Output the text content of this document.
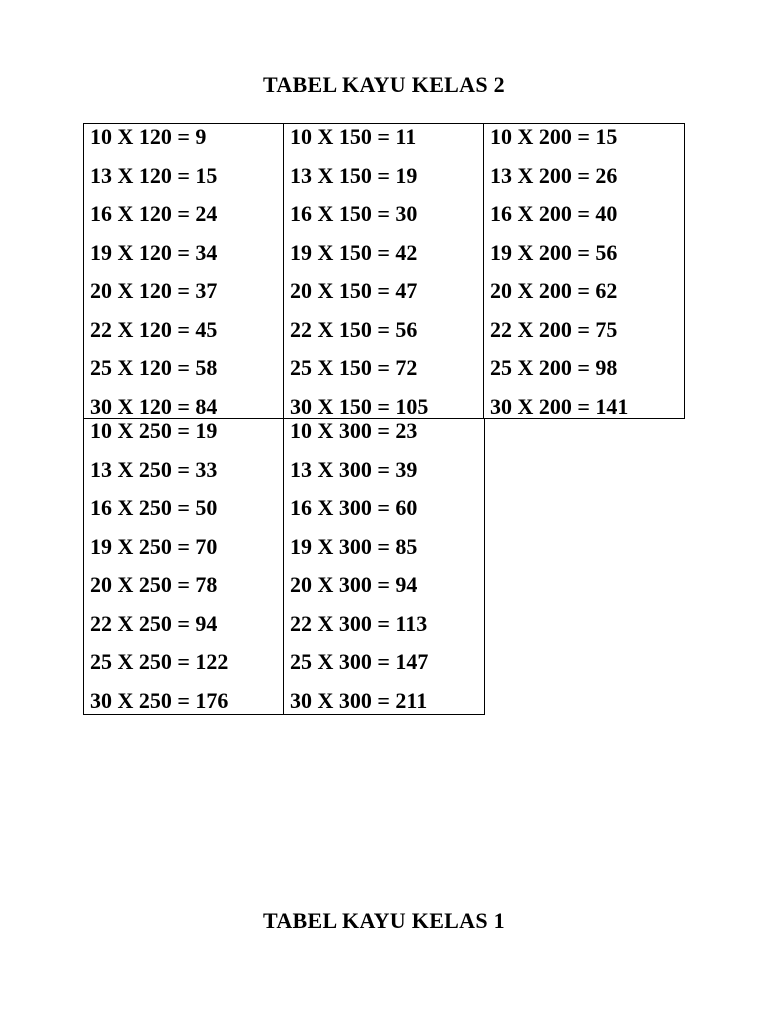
TABEL KAYU KELAS 2
10 X 120 = 9
13 X 120 = 15
16 X 120 = 24
19 X 120 = 34
20 X 120 = 37
22 X 120 = 45
25 X 120 = 58
30 X 120 = 84
10 X 150 = 11
13 X 150 = 19
16 X 150 = 30
19 X 150 = 42
20 X 150 = 47
22 X 150 = 56
25 X 150 = 72
30 X 150 = 105
10 X 200 = 15
13 X 200 = 26
16 X 200 = 40
19 X 200 = 56
20 X 200 = 62
22 X 200 = 75
25 X 200 = 98
30 X 200 = 141
10 X 250 = 19
13 X 250 = 33
16 X 250 = 50
19 X 250 = 70
20 X 250 = 78
22 X 250 = 94
25 X 250 = 122
30 X 250 = 176
10 X 300 = 23
13 X 300 = 39
16 X 300 = 60
19 X 300 = 85
20 X 300 = 94
22 X 300 = 113
25 X 300 = 147
30 X 300 = 211
TABEL KAYU KELAS 1
